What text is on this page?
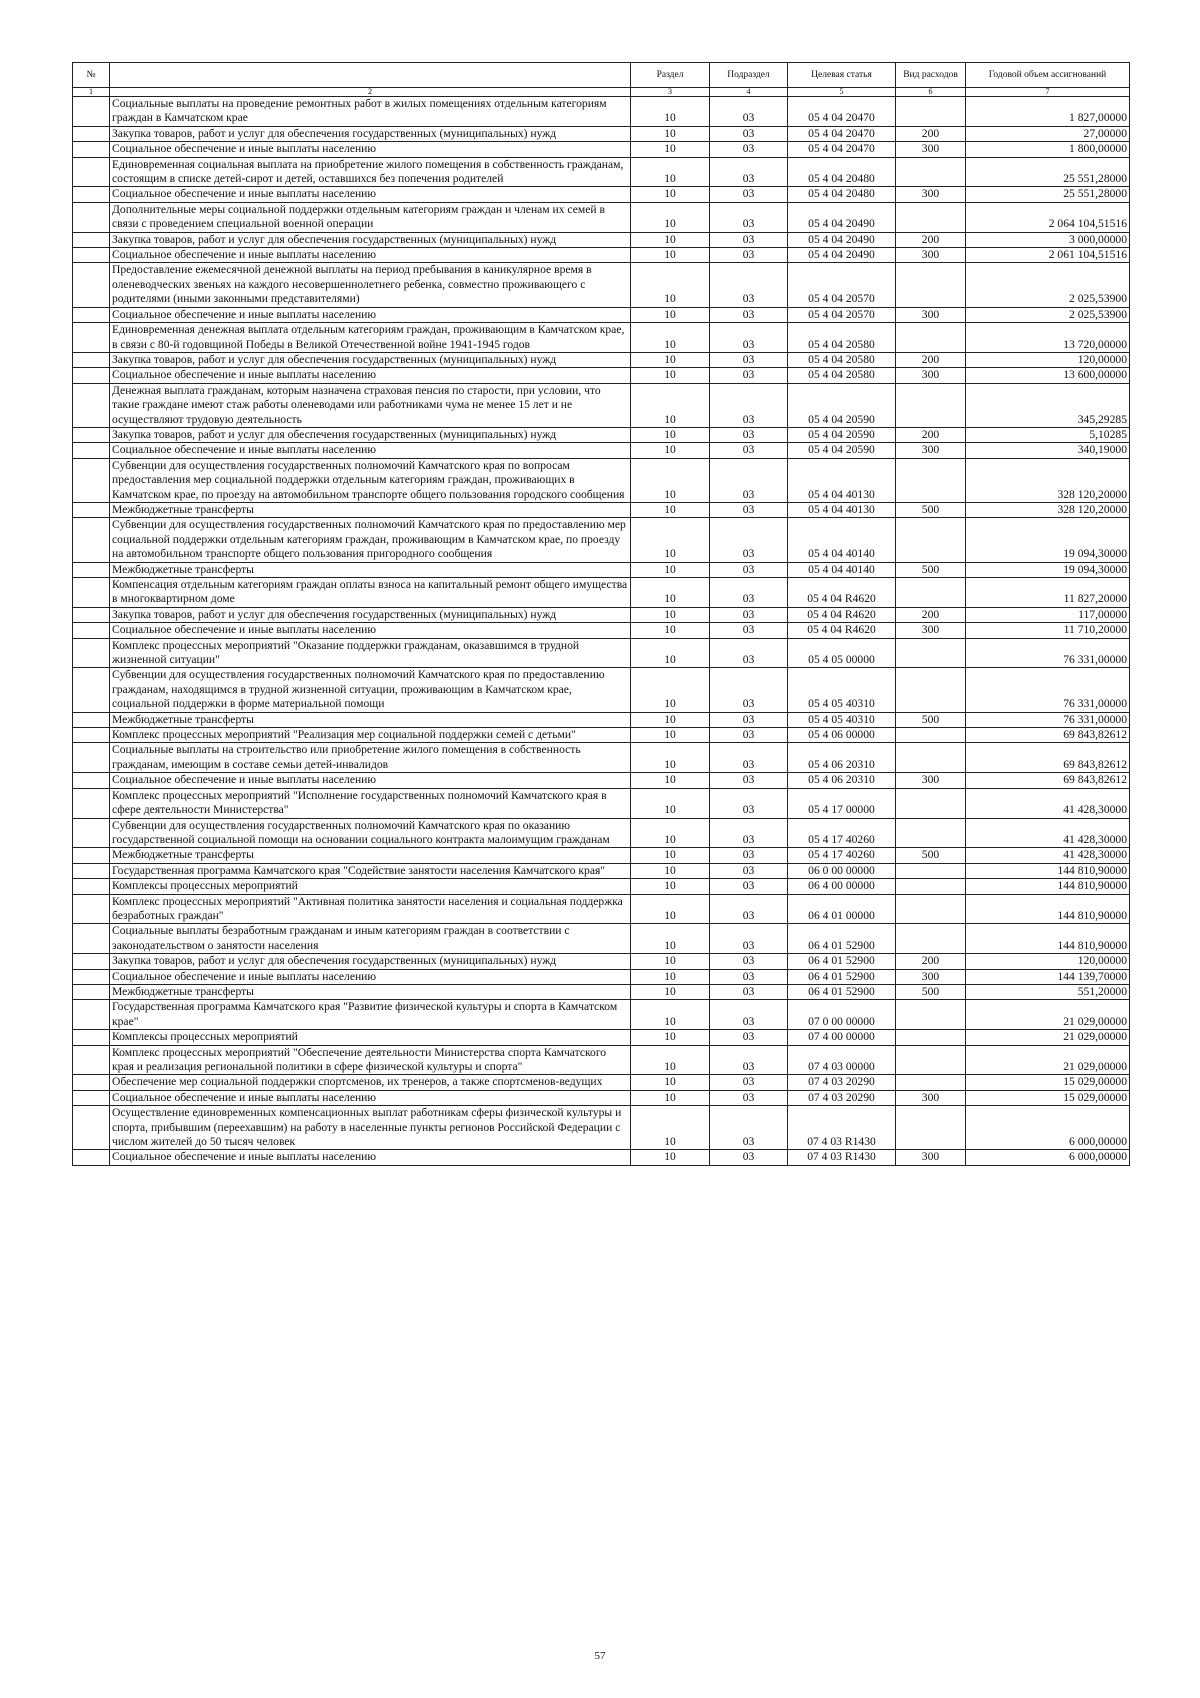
№		Раздел	Подраздел	Целевая статья	Вид расходов	Годовой объем ассигнований
1	2	3	4	5	6	7
	Социальные выплаты на проведение ремонтных работ в жилых помещениях отдельным категориям граждан в Камчатском крае	10	03	05 4 04 20470		1 827,00000
	Закупка товаров, работ и услуг для обеспечения государственных (муниципальных) нужд	10	03	05 4 04 20470	200	27,00000
	Социальное обеспечение и иные выплаты населению	10	03	05 4 04 20470	300	1 800,00000
	Единовременная социальная выплата на приобретение жилого помещения в собственность гражданам, состоящим в списке детей-сирот и детей, оставшихся без попечения родителей	10	03	05 4 04 20480		25 551,28000
	Социальное обеспечение и иные выплаты населению	10	03	05 4 04 20480	300	25 551,28000
	Дополнительные меры социальной поддержки отдельным категориям граждан и членам их семей в связи с проведением специальной военной операции	10	03	05 4 04 20490		2 064 104,51516
	Закупка товаров, работ и услуг для обеспечения государственных (муниципальных) нужд	10	03	05 4 04 20490	200	3 000,00000
	Социальное обеспечение и иные выплаты населению	10	03	05 4 04 20490	300	2 061 104,51516
	Предоставление ежемесячной денежной выплаты на период пребывания в каникулярное время в оленеводческих звеньях на каждого несовершеннолетнего ребенка, совместно проживающего с родителями (иными законными представителями)	10	03	05 4 04 20570		2 025,53900
	Социальное обеспечение и иные выплаты населению	10	03	05 4 04 20570	300	2 025,53900
	Единовременная денежная выплата отдельным категориям граждан, проживающим в Камчатском крае, в связи с 80-й годовщиной Победы в Великой Отечественной войне 1941-1945 годов	10	03	05 4 04 20580		13 720,00000
	Закупка товаров, работ и услуг для обеспечения государственных (муниципальных) нужд	10	03	05 4 04 20580	200	120,00000
	Социальное обеспечение и иные выплаты населению	10	03	05 4 04 20580	300	13 600,00000
	Денежная выплата гражданам, которым назначена страховая пенсия по старости, при условии, что такие граждане имеют стаж работы оленеводами или работниками чума не менее 15 лет и не осуществляют трудовую деятельность	10	03	05 4 04 20590		345,29285
	Закупка товаров, работ и услуг для обеспечения государственных (муниципальных) нужд	10	03	05 4 04 20590	200	5,10285
	Социальное обеспечение и иные выплаты населению	10	03	05 4 04 20590	300	340,19000
	Субвенции для осуществления государственных полномочий Камчатского края по вопросам предоставления мер социальной поддержки отдельным категориям граждан, проживающих в Камчатском крае, по проезду на автомобильном транспорте общего пользования городского сообщения	10	03	05 4 04 40130		328 120,20000
	Межбюджетные трансферты	10	03	05 4 04 40130	500	328 120,20000
	Субвенции для осуществления государственных полномочий Камчатского края по предоставлению мер социальной поддержки отдельным категориям граждан, проживающим в Камчатском крае, по проезду на автомобильном транспорте общего пользования пригородного сообщения	10	03	05 4 04 40140		19 094,30000
	Межбюджетные трансферты	10	03	05 4 04 40140	500	19 094,30000
	Компенсация отдельным категориям граждан оплаты взноса на капитальный ремонт общего имущества в многоквартирном доме	10	03	05 4 04 R4620		11 827,20000
	Закупка товаров, работ и услуг для обеспечения государственных (муниципальных) нужд	10	03	05 4 04 R4620	200	117,00000
	Социальное обеспечение и иные выплаты населению	10	03	05 4 04 R4620	300	11 710,20000
	Комплекс процессных мероприятий "Оказание поддержки гражданам, оказавшимся в трудной жизненной ситуации"	10	03	05 4 05 00000		76 331,00000
	Субвенции для осуществления государственных полномочий Камчатского края по предоставлению гражданам, находящимся в трудной жизненной ситуации, проживающим в Камчатском крае, социальной поддержки в форме материальной помощи	10	03	05 4 05 40310		76 331,00000
	Межбюджетные трансферты	10	03	05 4 05 40310	500	76 331,00000
	Комплекс процессных мероприятий "Реализация мер социальной поддержки семей с детьми"	10	03	05 4 06 00000		69 843,82612
	Социальные выплаты на строительство или приобретение жилого помещения в собственность гражданам, имеющим в составе семьи детей-инвалидов	10	03	05 4 06 20310		69 843,82612
	Социальное обеспечение и иные выплаты населению	10	03	05 4 06 20310	300	69 843,82612
	Комплекс процессных мероприятий "Исполнение государственных полномочий Камчатского края в сфере деятельности Министерства"	10	03	05 4 17 00000		41 428,30000
	Субвенции для осуществления государственных полномочий Камчатского края по оказанию государственной социальной помощи на основании социального контракта малоимущим гражданам	10	03	05 4 17 40260		41 428,30000
	Межбюджетные трансферты	10	03	05 4 17 40260	500	41 428,30000
	Государственная программа Камчатского края "Содействие занятости населения Камчатского края"	10	03	06 0 00 00000		144 810,90000
	Комплексы процессных мероприятий	10	03	06 4 00 00000		144 810,90000
	Комплекс процессных мероприятий "Активная политика занятости населения и социальная поддержка безработных граждан"	10	03	06 4 01 00000		144 810,90000
	Социальные выплаты безработным гражданам и иным категориям граждан в соответствии с законодательством о занятости населения	10	03	06 4 01 52900		144 810,90000
	Закупка товаров, работ и услуг для обеспечения государственных (муниципальных) нужд	10	03	06 4 01 52900	200	120,00000
	Социальное обеспечение и иные выплаты населению	10	03	06 4 01 52900	300	144 139,70000
	Межбюджетные трансферты	10	03	06 4 01 52900	500	551,20000
	Государственная программа Камчатского края "Развитие физической культуры и спорта в Камчатском крае"	10	03	07 0 00 00000		21 029,00000
	Комплексы процессных мероприятий	10	03	07 4 00 00000		21 029,00000
	Комплекс процессных мероприятий "Обеспечение деятельности Министерства спорта Камчатского края и реализация региональной политики в сфере физической культуры и спорта"	10	03	07 4 03 00000		21 029,00000
	Обеспечение мер социальной поддержки спортсменов, их тренеров, а также спортсменов-ведущих	10	03	07 4 03 20290		15 029,00000
	Социальное обеспечение и иные выплаты населению	10	03	07 4 03 20290	300	15 029,00000
	Осуществление единовременных компенсационных выплат работникам сферы физической культуры и спорта, прибывшим (переехавшим) на работу в населенные пункты регионов Российской Федерации с числом жителей до 50 тысяч человек	10	03	07 4 03 R1430		6 000,00000
	Социальное обеспечение и иные выплаты населению	10	03	07 4 03 R1430	300	6 000,00000
57
